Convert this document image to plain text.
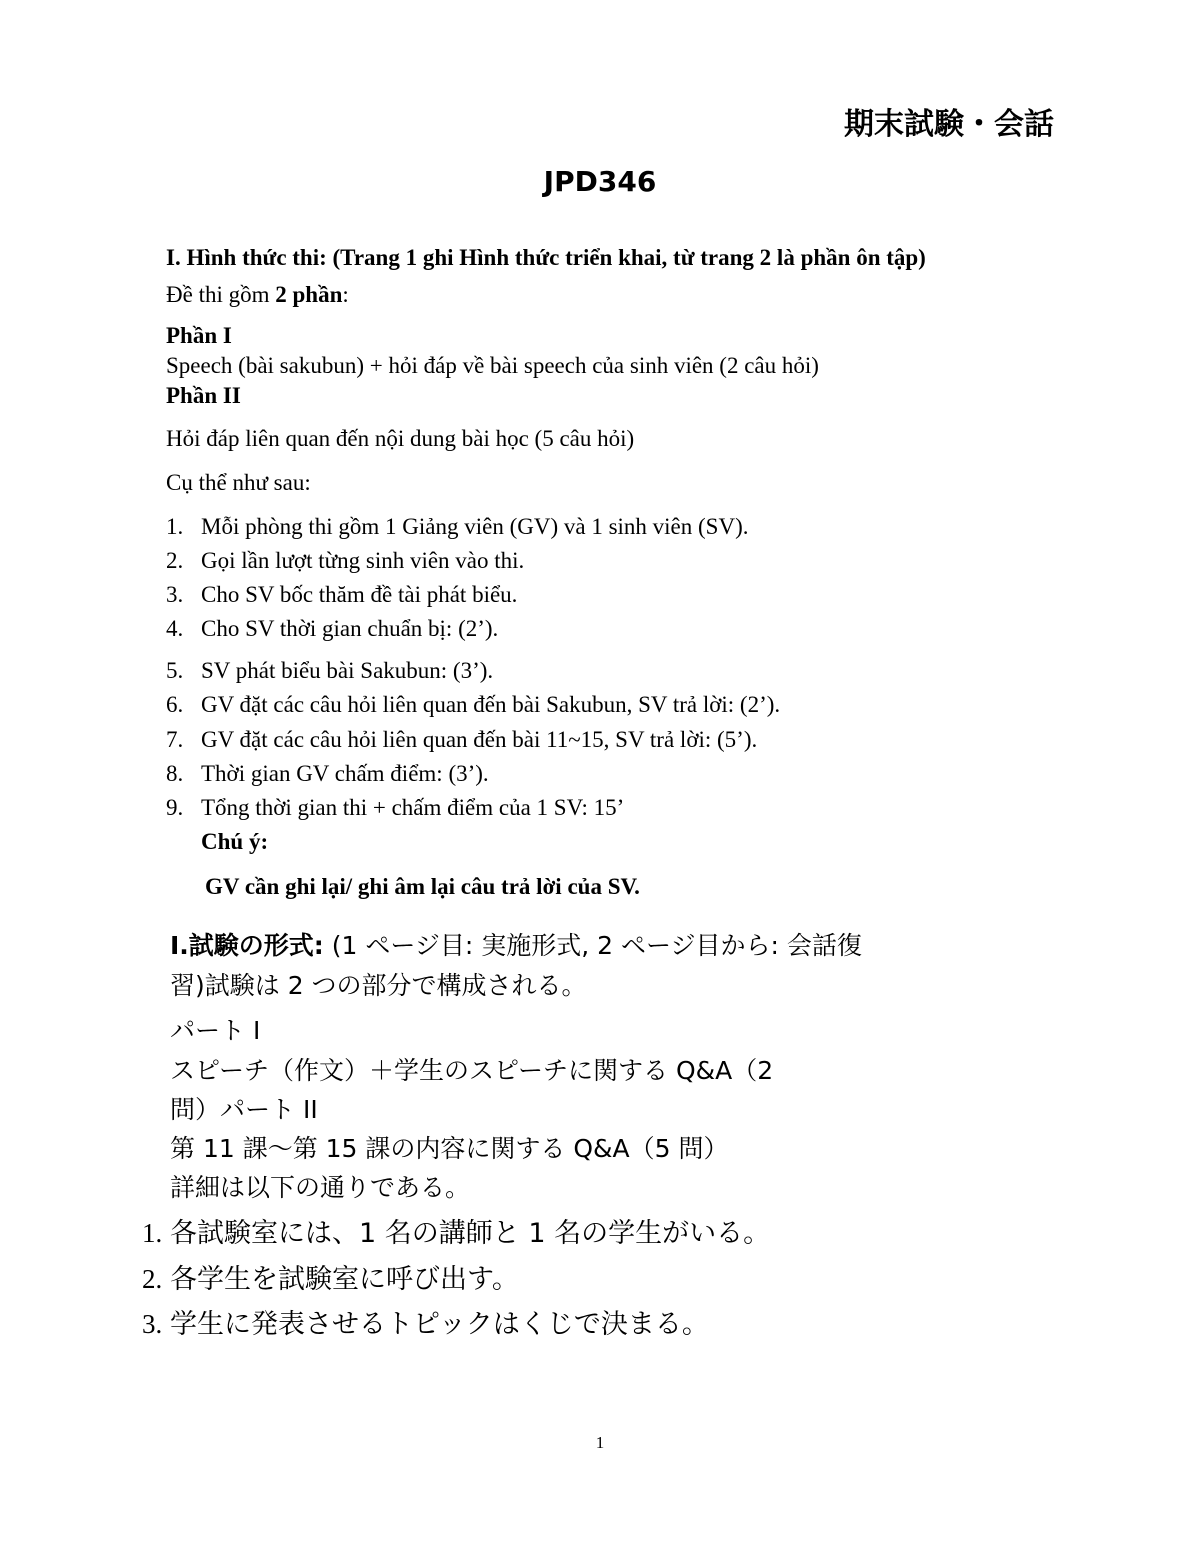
期末試験・会話
JPD346
I. Hình thức thi: (Trang 1 ghi Hình thức triển khai, từ trang 2 là phần ôn tập)
Đề thi gồm 2 phần:
Phần I
Speech (bài sakubun) + hỏi đáp về bài speech của sinh viên (2 câu hỏi)
Phần II
Hỏi đáp liên quan đến nội dung bài học (5 câu hỏi)
Cụ thể như sau:
1. Mỗi phòng thi gồm 1 Giảng viên (GV) và 1 sinh viên (SV).
2. Gọi lần lượt từng sinh viên vào thi.
3. Cho SV bốc thăm đề tài phát biểu.
4. Cho SV thời gian chuẩn bị: (2’).
5. SV phát biểu bài Sakubun: (3’).
6. GV đặt các câu hỏi liên quan đến bài Sakubun, SV trả lời: (2’).
7. GV đặt các câu hỏi liên quan đến bài 11~15, SV trả lời: (5’).
8. Thời gian GV chấm điểm: (3’).
9. Tổng thời gian thi + chấm điểm của 1 SV: 15’
Chú ý:
GV cần ghi lại/ ghi âm lại câu trả lời của SV.
I.試験の形式: (1 ページ目: 実施形式, 2 ページ目から: 会話復
習)試験は 2 つの部分で構成される。
パート I
スピーチ（作文）＋学生のスピーチに関する Q&A（2
問）パート II
第 11 課～第 15 課の内容に関する Q&A（5 問）
詳細は以下の通りである。
1. 各試験室には、1 名の講師と 1 名の学生がいる。
2. 各学生を試験室に呼び出す。
3. 学生に発表させるトピックはくじで決まる。
1
